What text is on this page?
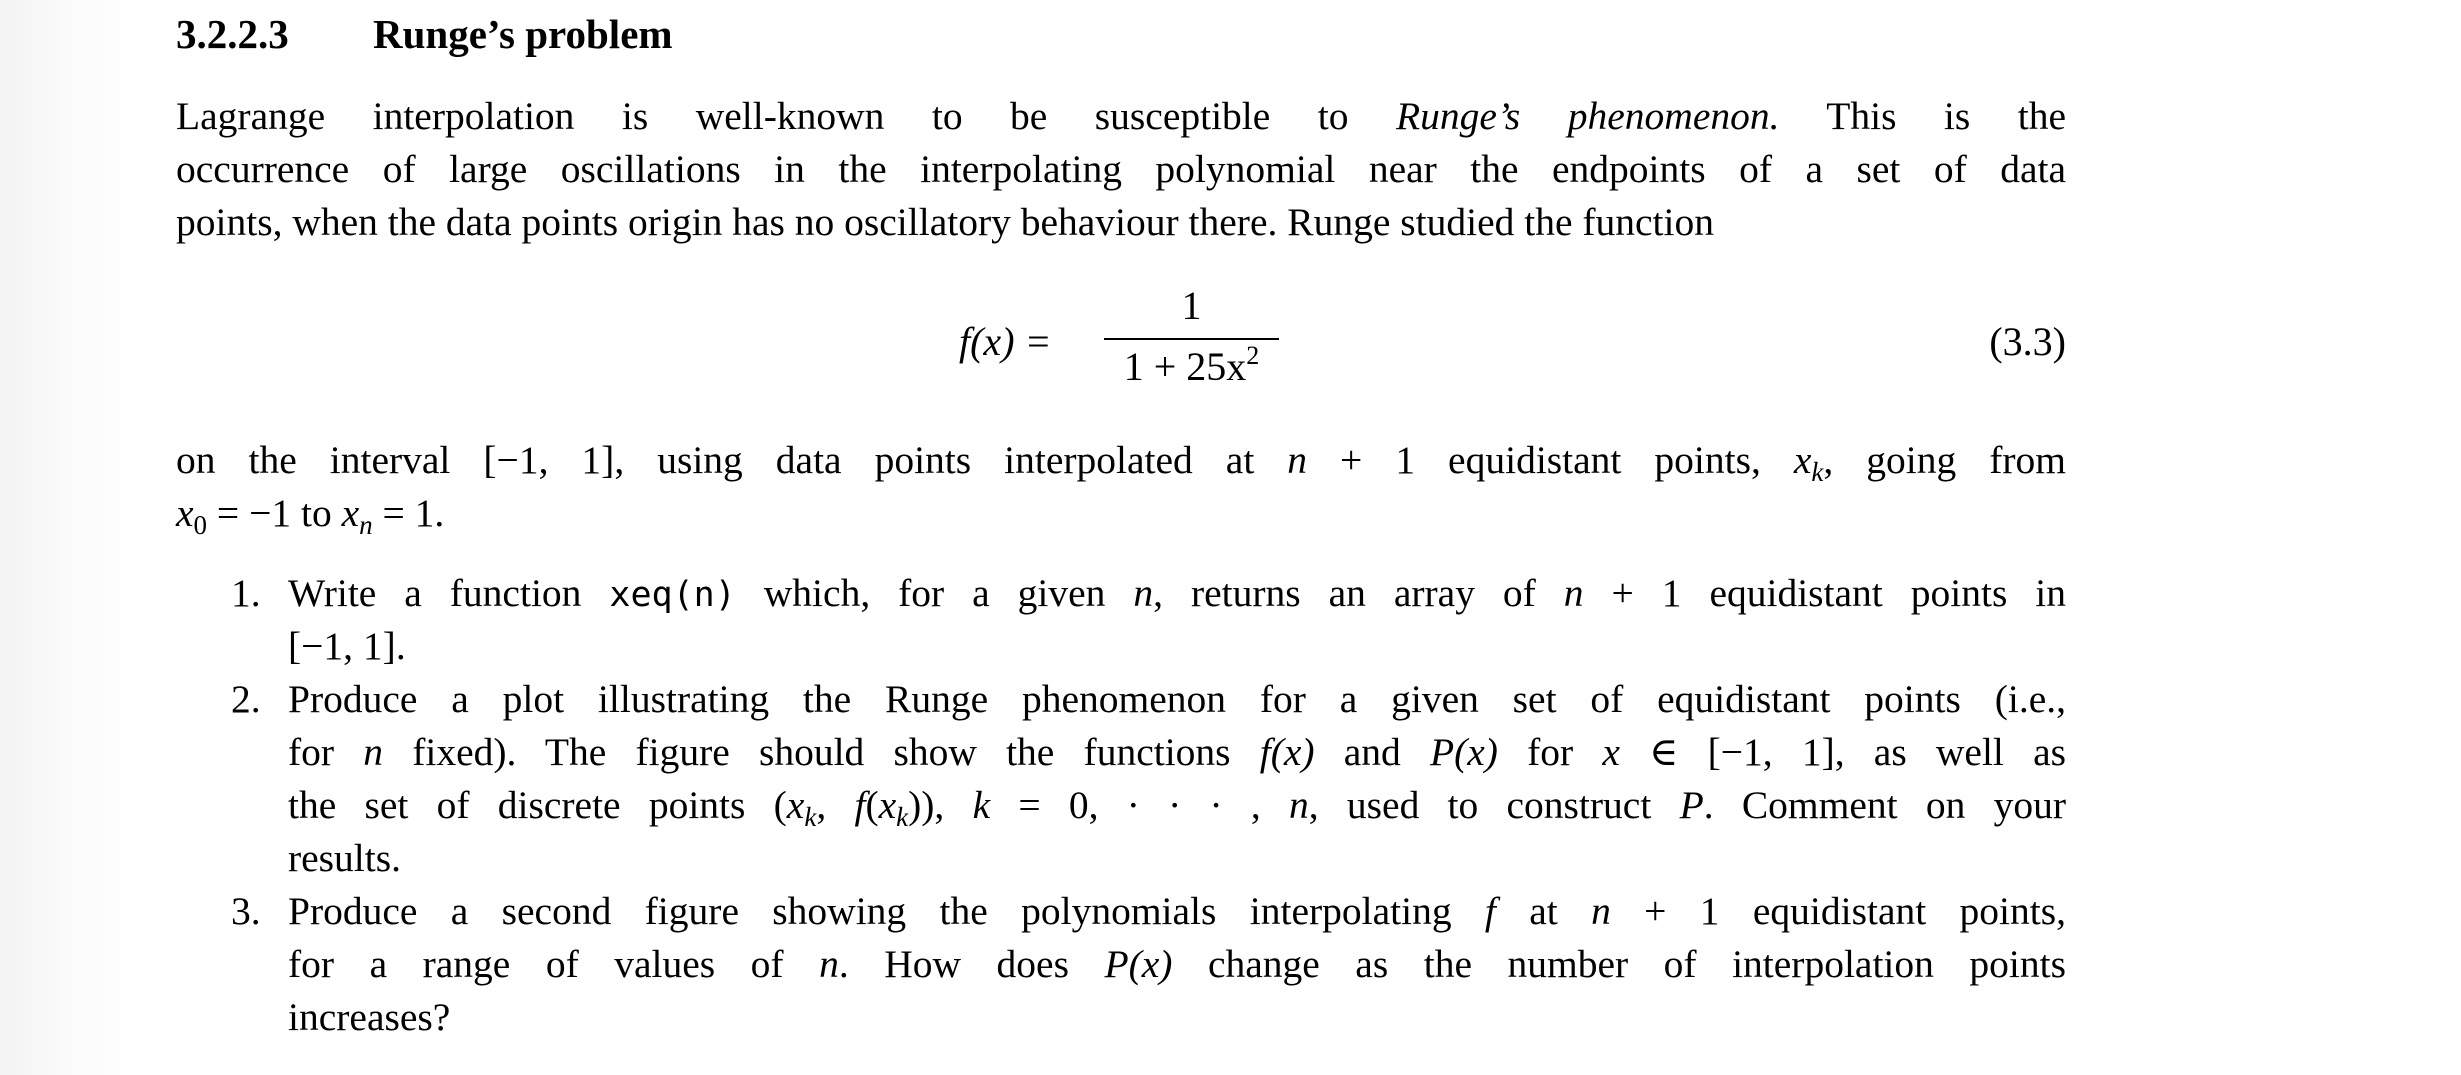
3.2.2.3 Runge’s problem
Lagrange interpolation is well-known to be susceptible to Runge’s phenomenon. This is the
occurrence of large oscillations in the interpolating polynomial near the endpoints of a set of data
points, when the data points origin has no oscillatory behaviour there. Runge studied the function
f(x) =
1
$1 + 25x^2$	(3.3)
on the interval [−1, 1], using data points interpolated at n + 1 equidistant points, $x_k$, going from
$x_0 = -1$ to $x_n = 1$.
1. Write a function xeq(n) which, for a given n, returns an array of n + 1 equidistant points in
[−1, 1].
2. Produce a plot illustrating the Runge phenomenon for a given set of equidistant points (i.e.,
for n fixed). The figure should show the functions f(x) and P(x) for x ∈ [−1, 1], as well as
the set of discrete points ($x_k$, $f(x_k)$), k = 0, · · · , n, used to construct P. Comment on your
results.
3. Produce a second figure showing the polynomials interpolating f at n + 1 equidistant points,
for a range of values of n. How does P(x) change as the number of interpolation points
increases?
